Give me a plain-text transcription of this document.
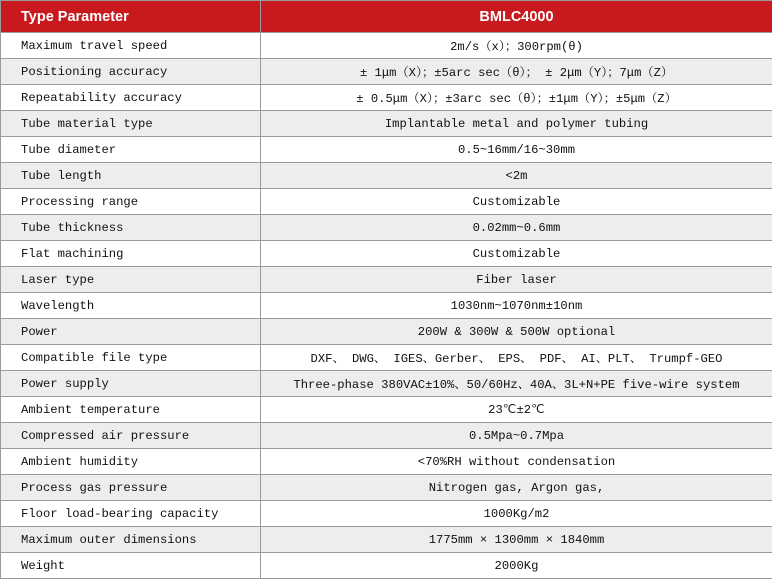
Type Parameter	BMLC4000
Maximum travel speed	2m/s（x）；300rpm(θ)
Positioning accuracy	± 1μm（X）；±5arc sec（θ）； ± 2μm（Y）；7μm（Z）
Repeatability accuracy	± 0.5μm（X）；±3arc sec（θ）；±1μm（Y）；±5μm（Z）
Tube material type	Implantable metal and polymer tubing
Tube diameter	0.5~16mm/16~30mm
Tube length	<2m
Processing range	Customizable
Tube thickness	0.02mm~0.6mm
Flat machining	Customizable
Laser type	Fiber laser
Wavelength	1030nm~1070nm±10nm
Power	200W & 300W & 500W optional
Compatible file type	DXF、 DWG、 IGES、Gerber、 EPS、 PDF、 AI、PLT、 Trumpf-GEO
Power supply	Three-phase 380VAC±10%、50/60Hz、40A、3L+N+PE five-wire system
Ambient temperature	23℃±2℃
Compressed air pressure	0.5Mpa~0.7Mpa
Ambient humidity	<70%RH without condensation
Process gas pressure	Nitrogen gas, Argon gas,
Floor load-bearing capacity	1000Kg/m2
Maximum outer dimensions	1775mm × 1300mm × 1840mm
Weight	2000Kg
